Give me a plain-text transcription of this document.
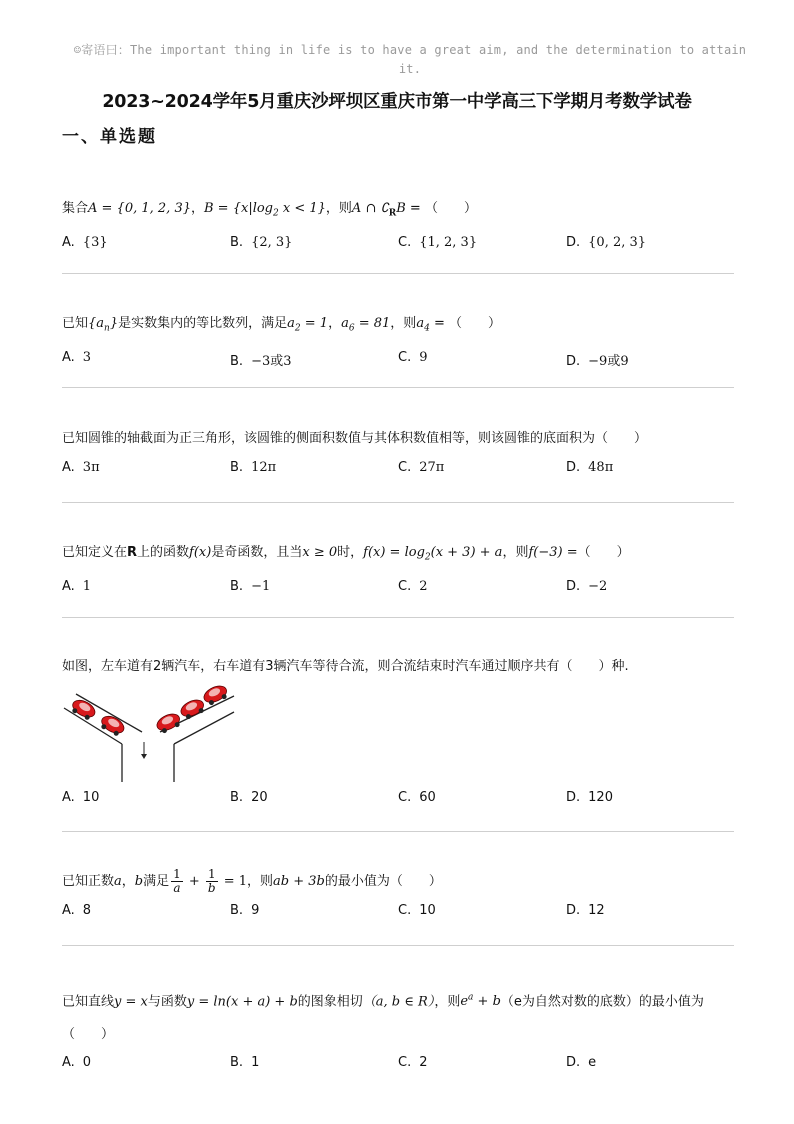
☺寄语曰：The important thing in life is to have a great aim, and the determination to attain it.
2023~2024学年5月重庆沙坪坝区重庆市第一中学高三下学期月考数学试卷
一、单选题
集合A = {0, 1, 2, 3}，$B = \{x|\log_2$ x < 1}，则A ∩ $∁_RB$ = （　　）
A. {3}	B. {2, 3}	C. {1, 2, 3}	D. {0, 2, 3}
已知$\{a_n\}$是实数集内的等比数列，满足$a_2 = 1$，$a_6 = 81$，则$a_4$ = （　　）
A. 3	B. −3或3	C. 9	D. −9或9
已知圆锥的轴截面为正三角形，该圆锥的侧面积数值与其体积数值相等，则该圆锥的底面积为（　　）
A. 3π	B. 12π	C. 27π	D. 48π
已知定义在R上的函数f(x)是奇函数，且当x ≥ 0时，$f(x) = \log_2(x + 3) + a$，则f(−3) =（　　）
A. 1	B. −1	C. 2	D. −2
如图，左车道有2辆汽车，右车道有3辆汽车等待合流，则合流结束时汽车通过顺序共有（　　）种.
A. 10	B. 20	C. 60	D. 120
已知正数a，b满足 $\frac{1}{a} + \frac{1}{b} = 1$，则ab + 3b的最小值为（　　）
A. 8	B. 9	C. 10	D. 12
已知直线y = x与函数y = ln(x + a) + b的图象相切（a, b ∈ R），则$e^a + b(e$为自然对数的底数）的最小值为（　　）
A. 0	B. 1	C. 2	D. e
